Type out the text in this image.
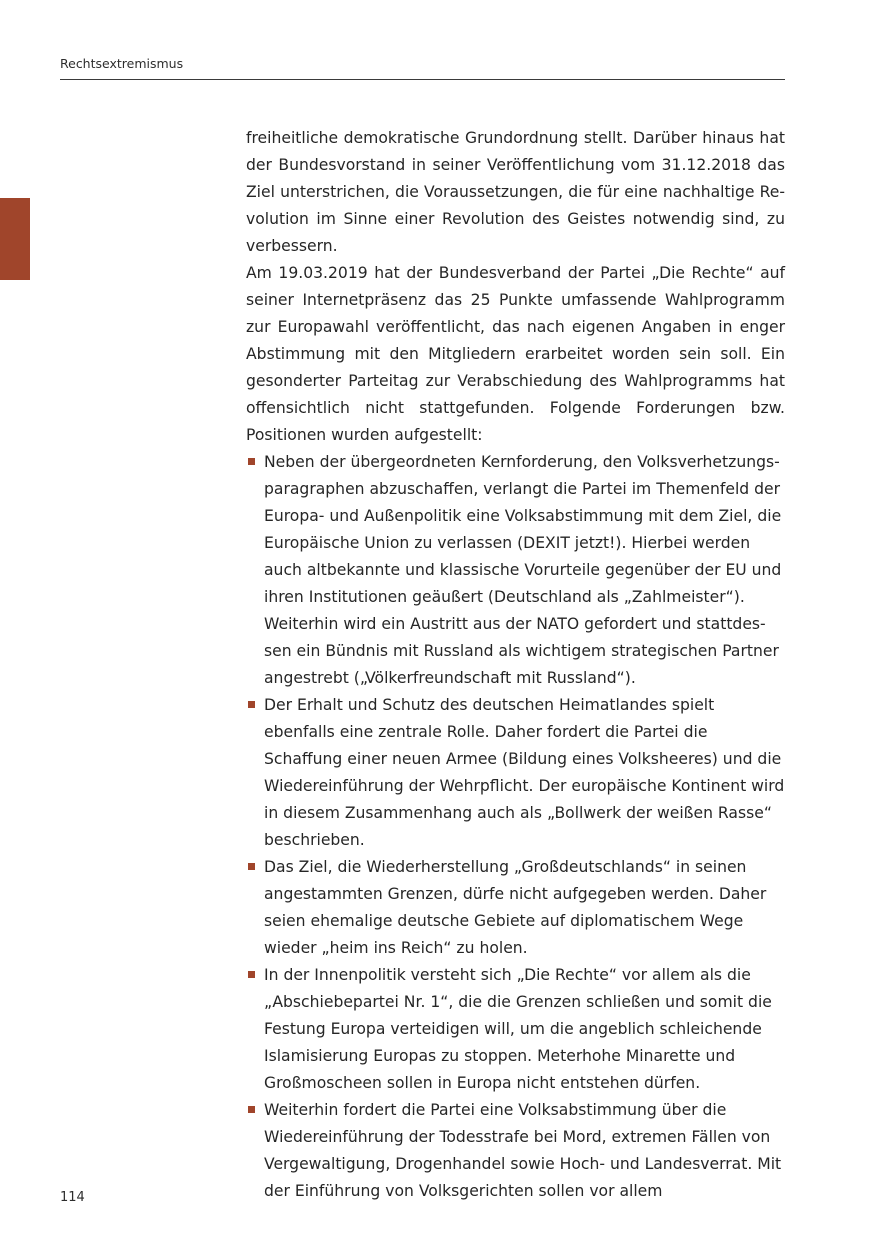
Rechtsextremismus

freiheitliche demokratische Grundordnung stellt. Darüber hinaus hat der Bundesvorstand in seiner Veröffentlichung vom 31.12.2018 das Ziel unterstrichen, die Voraussetzungen, die für eine nachhaltige Revolution im Sinne einer Revolution des Geistes notwendig sind, zu verbessern.

Am 19.03.2019 hat der Bundesverband der Partei „Die Rechte“ auf seiner Internetpräsenz das 25 Punkte umfassende Wahlprogramm zur Europawahl veröffentlicht, das nach eigenen Angaben in enger Abstimmung mit den Mitgliedern erarbeitet worden sein soll. Ein gesonderter Parteitag zur Verabschiedung des Wahlprogramms hat offensichtlich nicht stattgefunden. Folgende Forderungen bzw. Positionen wurden aufgestellt:

Neben der übergeordneten Kernforderung, den Volksverhetzungsparagraphen abzuschaffen, verlangt die Partei im Themenfeld der Europa- und Außenpolitik eine Volksabstimmung mit dem Ziel, die Europäische Union zu verlassen (DEXIT jetzt!). Hierbei werden auch altbekannte und klassische Vorurteile gegenüber der EU und ihren Institutionen geäußert (Deutschland als „Zahlmeister“). Weiterhin wird ein Austritt aus der NATO gefordert und stattdessen ein Bündnis mit Russland als wichtigem strategischen Partner angestrebt („Völkerfreundschaft mit Russland“).
Der Erhalt und Schutz des deutschen Heimatlandes spielt ebenfalls eine zentrale Rolle. Daher fordert die Partei die Schaffung einer neuen Armee (Bildung eines Volksheeres) und die Wiedereinführung der Wehrpflicht. Der europäische Kontinent wird in diesem Zusammenhang auch als „Bollwerk der weißen Rasse“ beschrieben.
Das Ziel, die Wiederherstellung „Großdeutschlands“ in seinen angestammten Grenzen, dürfe nicht aufgegeben werden. Daher seien ehemalige deutsche Gebiete auf diplomatischem Wege wieder „heim ins Reich“ zu holen.
In der Innenpolitik versteht sich „Die Rechte“ vor allem als die „Abschiebepartei Nr. 1“, die die Grenzen schließen und somit die Festung Europa verteidigen will, um die angeblich schleichende Islamisierung Europas zu stoppen. Meterhohe Minarette und Großmoscheen sollen in Europa nicht entstehen dürfen.
Weiterhin fordert die Partei eine Volksabstimmung über die Wiedereinführung der Todesstrafe bei Mord, extremen Fällen von Vergewaltigung, Drogenhandel sowie Hoch- und Landesverrat. Mit der Einführung von Volksgerichten sollen vor allem
114
